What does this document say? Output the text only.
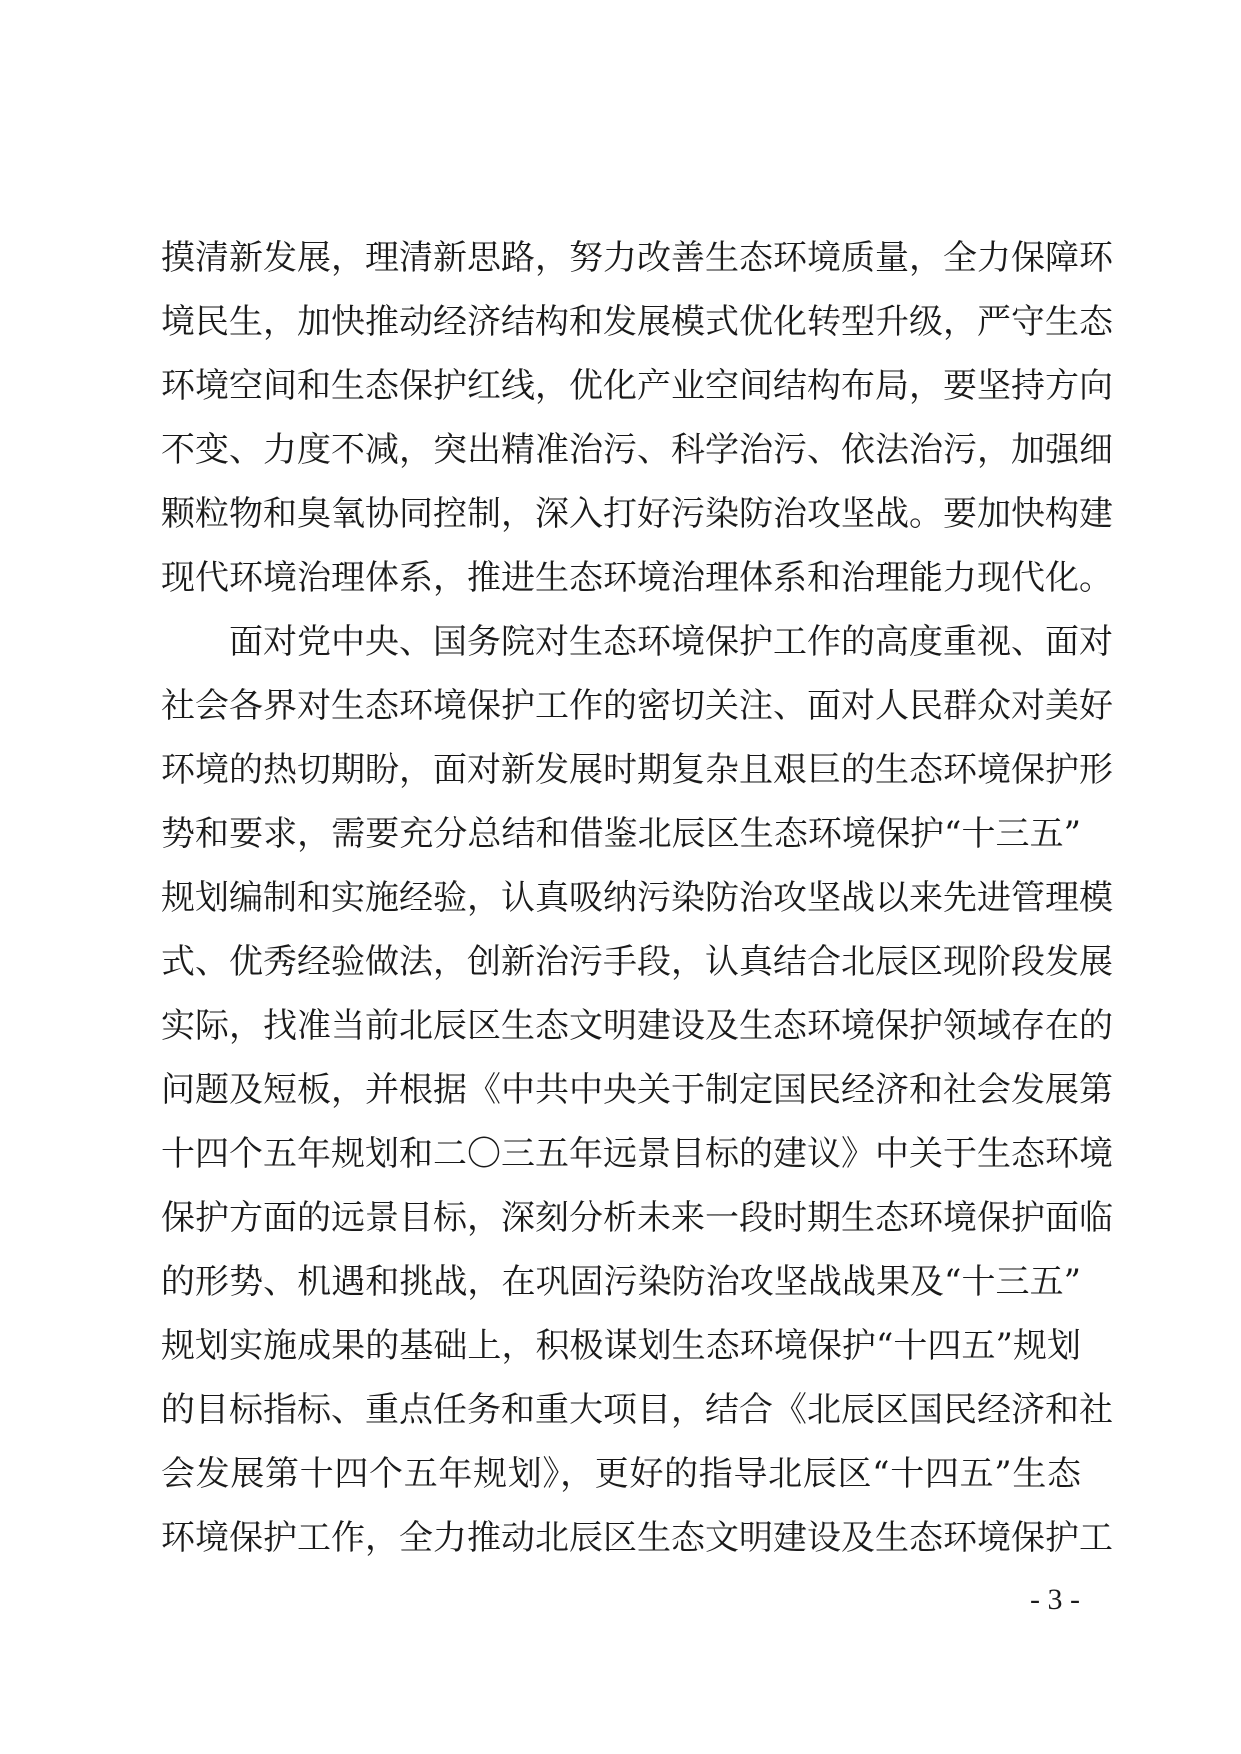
摸清新发展，理清新思路，努力改善生态环境质量，全力保障环
境民生，加快推动经济结构和发展模式优化转型升级，严守生态
环境空间和生态保护红线，优化产业空间结构布局，要坚持方向
不变、力度不减，突出精准治污、科学治污、依法治污，加强细
颗粒物和臭氧协同控制，深入打好污染防治攻坚战。要加快构建
现代环境治理体系，推进生态环境治理体系和治理能力现代化。
面对党中央、国务院对生态环境保护工作的高度重视、面对
社会各界对生态环境保护工作的密切关注、面对人民群众对美好
环境的热切期盼，面对新发展时期复杂且艰巨的生态环境保护形
势和要求，需要充分总结和借鉴北辰区生态环境保护“十三五”
规划编制和实施经验，认真吸纳污染防治攻坚战以来先进管理模
式、优秀经验做法，创新治污手段，认真结合北辰区现阶段发展
实际，找准当前北辰区生态文明建设及生态环境保护领域存在的
问题及短板，并根据《中共中央关于制定国民经济和社会发展第
十四个五年规划和二〇三五年远景目标的建议》中关于生态环境
保护方面的远景目标，深刻分析未来一段时期生态环境保护面临
的形势、机遇和挑战，在巩固污染防治攻坚战战果及“十三五”
规划实施成果的基础上，积极谋划生态环境保护“十四五”规划
的目标指标、重点任务和重大项目，结合《北辰区国民经济和社
会发展第十四个五年规划》，更好的指导北辰区“十四五”生态
环境保护工作，全力推动北辰区生态文明建设及生态环境保护工
- 3 -
